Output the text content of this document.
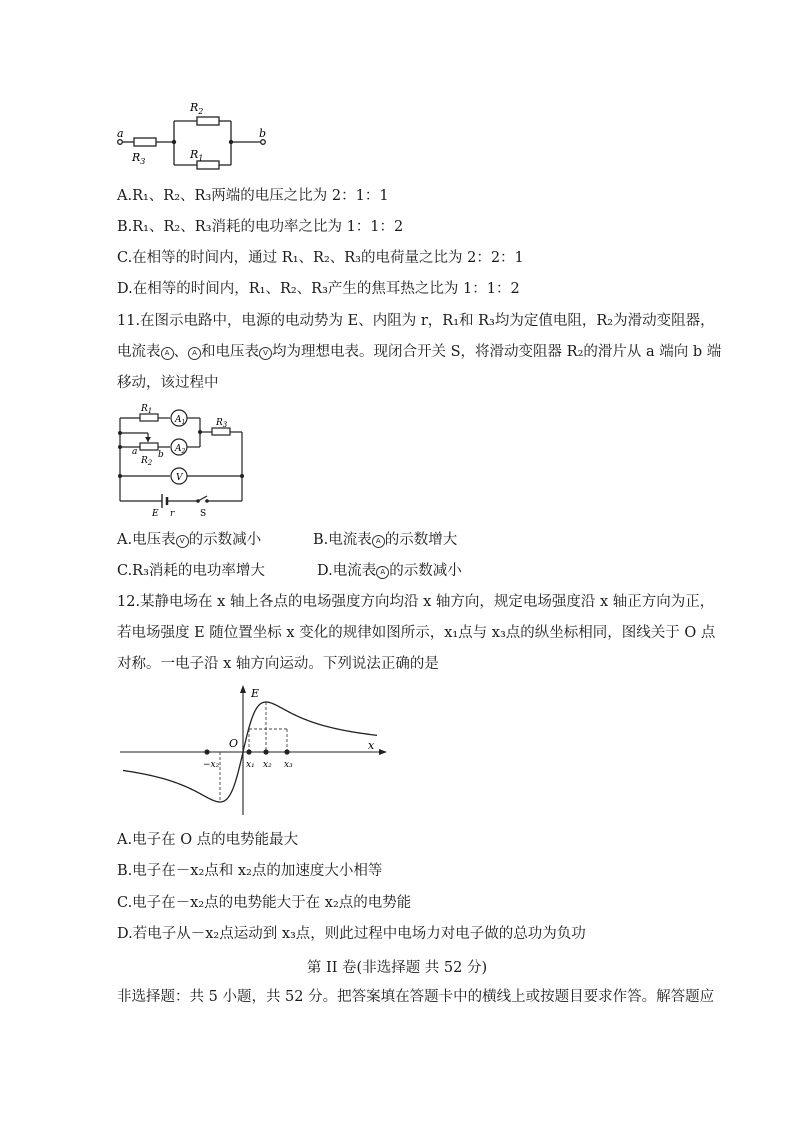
a	b
$R_2$
$R_1$
$R_3$
A.R₁、R₂、R₃两端的电压之比为 2：1：1
B.R₁、R₂、R₃消耗的电功率之比为 1：1：2
C.在相等的时间内，通过 R₁、R₂、R₃的电荷量之比为 2：2：1
D.在相等的时间内，R₁、R₂、R₃产生的焦耳热之比为 1：1：2
11.在图示电路中，电源的电动势为 E、内阻为 r，R₁和 R₃均为定值电阻，R₂为滑动变阻器，
电流表 A 、 A 和电压表 V 均为理想电表。现闭合开关 S，将滑动变阻器 R₂的滑片从 a 端向 b 端
移动，该过程中
$R_1$
$A_1$
$A_2$
V
$R_3$
a b
$R_2$
E r	S
A.电压表 V 的示数减小	B.电流表 A 的示数增大
C.R₃消耗的电功率增大	D.电流表 A 的示数减小
12.某静电场在 x 轴上各点的电场强度方向均沿 x 轴方向，规定电场强度沿 x 轴正方向为正，
若电场强度 E 随位置坐标 x 变化的规律如图所示，x₁点与 x₃点的纵坐标相同，图线关于 O 点
对称。一电子沿 x 轴方向运动。下列说法正确的是
E
x
O
−x₂	x₁ x₂ x₃
A.电子在 O 点的电势能最大
B.电子在－x₂点和 x₂点的加速度大小相等
C.电子在－x₂点的电势能大于在 x₂点的电势能
D.若电子从－x₂点运动到 x₃点，则此过程中电场力对电子做的总功为负功
第 II 卷(非选择题 共 52 分)
非选择题：共 5 小题，共 52 分。把答案填在答题卡中的横线上或按题目要求作答。解答题应
